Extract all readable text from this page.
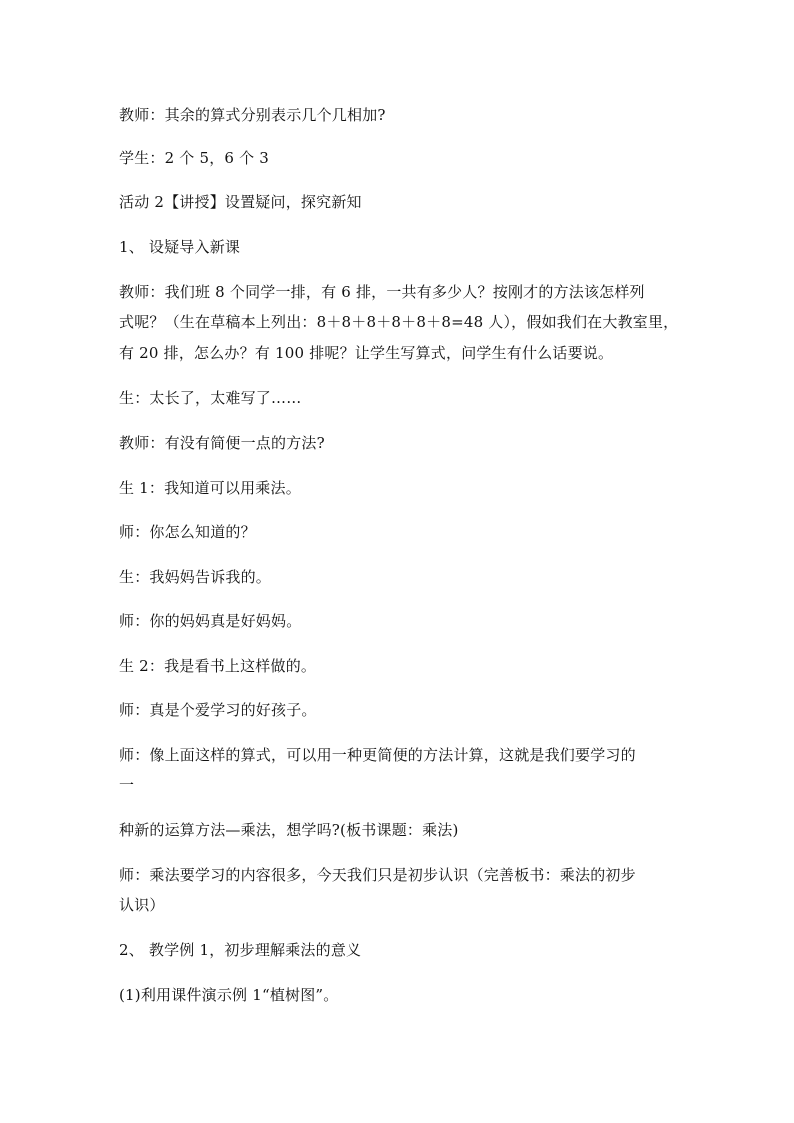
教师：其余的算式分别表示几个几相加?
学生：2 个 5，6 个 3
活动 2【讲授】设置疑问，探究新知
1、 设疑导入新课
教师：我们班 8 个同学一排，有 6 排，一共有多少人？按刚才的方法该怎样列
式呢？（生在草稿本上列出：8＋8＋8＋8＋8＋8=48 人），假如我们在大教室里，
有 20 排，怎么办？有 100 排呢？让学生写算式，问学生有什么话要说。
生：太长了，太难写了……
教师：有没有简便一点的方法?
生 1：我知道可以用乘法。
师：你怎么知道的？
生：我妈妈告诉我的。
师：你的妈妈真是好妈妈。
生 2：我是看书上这样做的。
师：真是个爱学习的好孩子。
师：像上面这样的算式，可以用一种更简便的方法计算，这就是我们要学习的
一
种新的运算方法—乘法，想学吗?(板书课题：乘法)
师：乘法要学习的内容很多，今天我们只是初步认识（完善板书：乘法的初步
认识）
2、 教学例 1，初步理解乘法的意义
(1)利用课件演示例 1“植树图”。
